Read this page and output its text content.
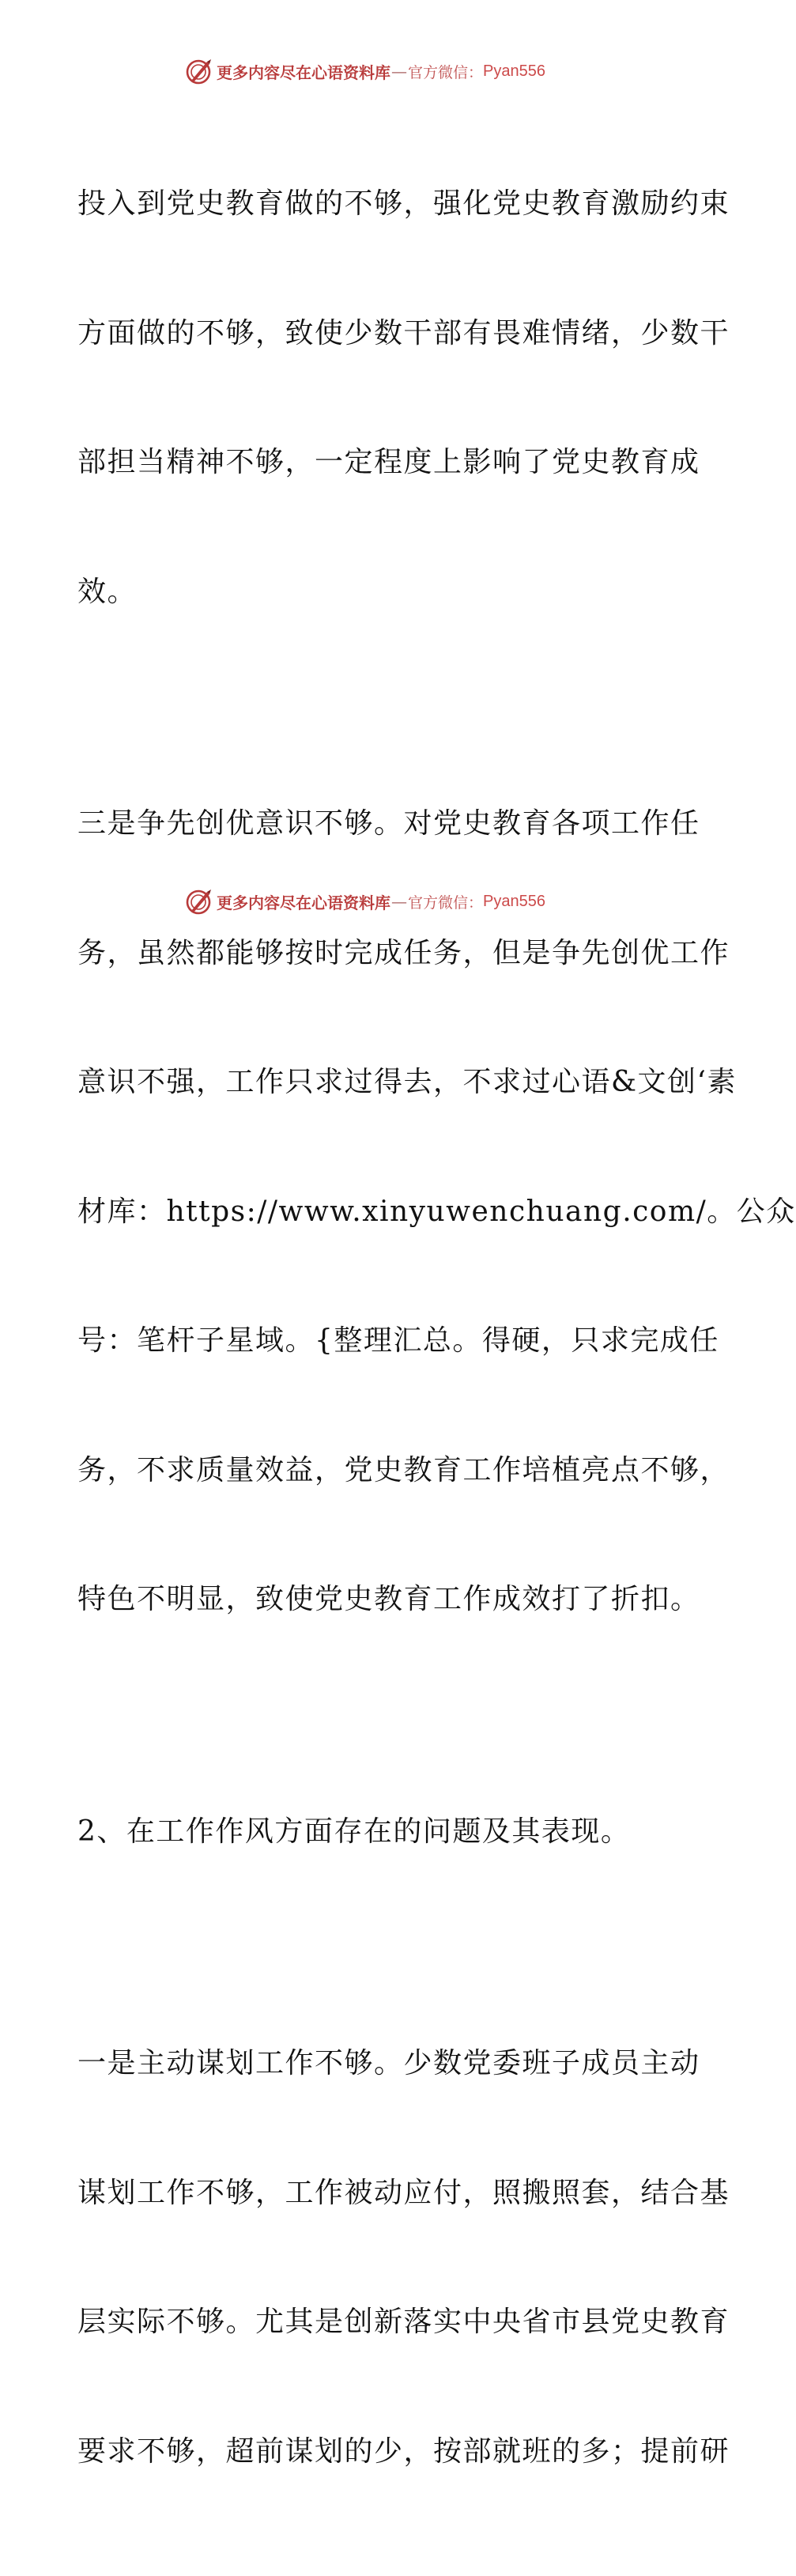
更多内容尽在心语资料库 — 官方微信： Pyan556

投入到党史教育做的不够，强化党史教育激励约束

方面做的不够，致使少数干部有畏难情绪，少数干

部担当精神不够，一定程度上影响了党史教育成

效。

三是争先创优意识不够。对党史教育各项工作任

务，虽然都能够按时完成任务，但是争先创优工作

意识不强，工作只求过得去，不求过心语&文创‘素

材库：https://www.xinyuwenchuang.com/。公众

号：笔杆子星域。{整理汇总。得硬，只求完成任

务，不求质量效益，党史教育工作培植亮点不够，

特色不明显，致使党史教育工作成效打了折扣。

2、在工作作风方面存在的问题及其表现。

一是主动谋划工作不够。少数党委班子成员主动

谋划工作不够，工作被动应付，照搬照套，结合基

层实际不够。尤其是创新落实中央省市县党史教育

要求不够，超前谋划的少，按部就班的多；提前研

更多内容尽在心语资料库 — 官方微信： Pyan556
